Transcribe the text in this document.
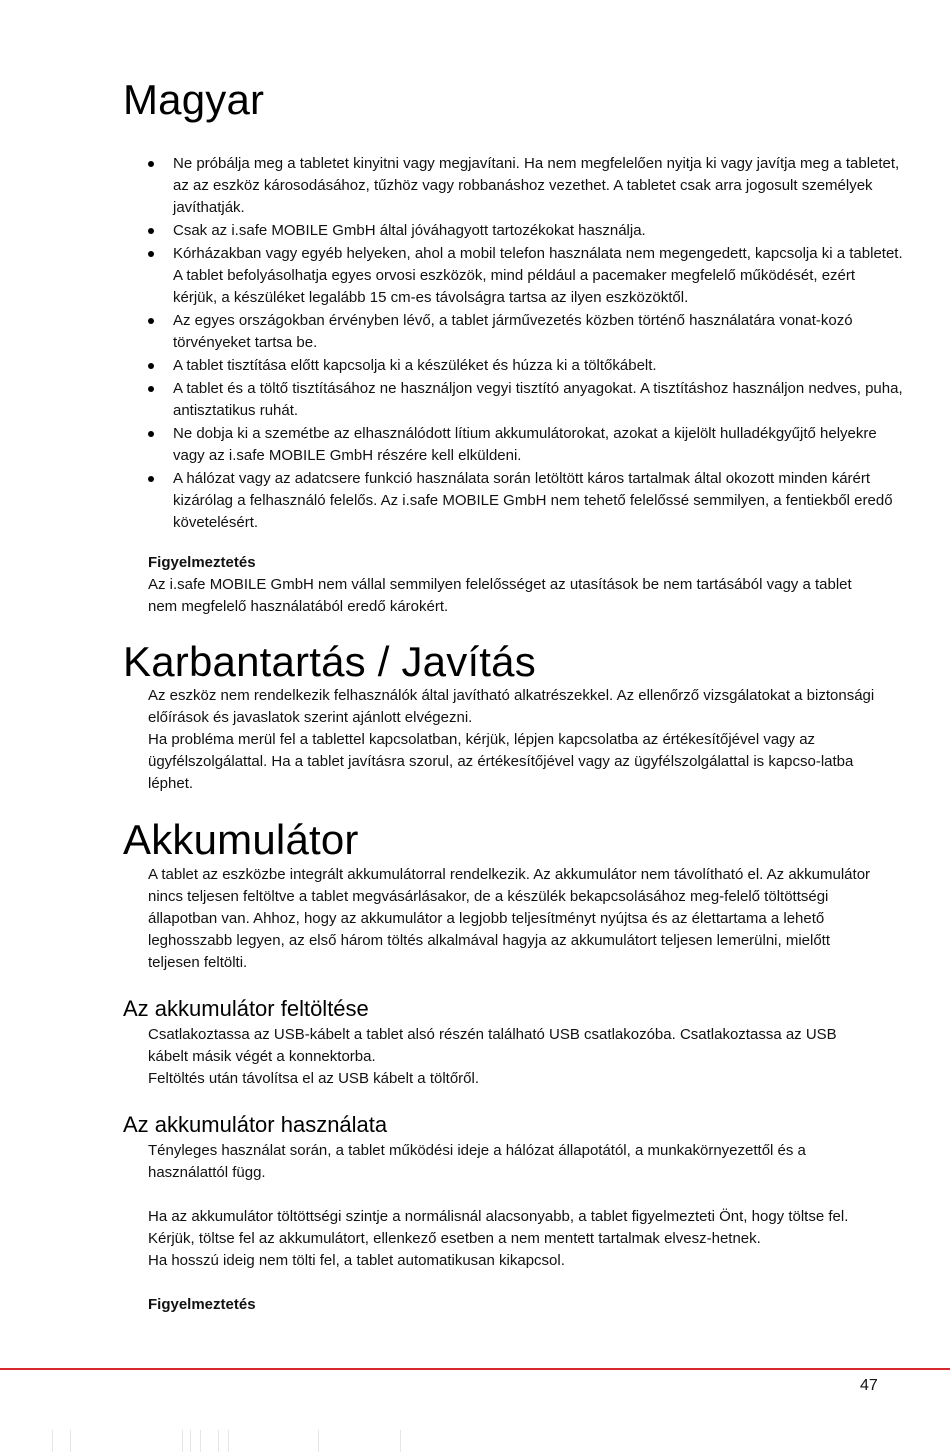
Magyar
Ne próbálja meg a tabletet kinyitni vagy megjavítani. Ha nem megfelelően nyitja ki vagy javítja meg a tabletet, az az eszköz károsodásához, tűzhöz vagy robbanáshoz vezethet. A tabletet csak arra jogosult személyek javíthatják.
Csak az i.safe MOBILE GmbH által jóváhagyott tartozékokat használja.
Kórházakban vagy egyéb helyeken, ahol a mobil telefon használata nem megengedett, kapcsolja ki a tabletet. A tablet befolyásolhatja egyes orvosi eszközök, mind például a pacemaker megfelelő működését, ezért kérjük, a készüléket legalább 15 cm-es távolságra tartsa az ilyen eszközöktől.
Az egyes országokban érvényben lévő, a tablet járművezetés közben történő használatára vonat-kozó törvényeket tartsa be.
A tablet tisztítása előtt kapcsolja ki a készüléket és húzza ki a töltőkábelt.
A tablet és a töltő tisztításához ne használjon vegyi tisztító anyagokat. A tisztításhoz használjon nedves, puha, antisztatikus ruhát.
Ne dobja ki a szemétbe az elhasználódott lítium akkumulátorokat, azokat a kijelölt hulladékgyűjtő helyekre vagy az i.safe MOBILE GmbH részére kell elküldeni.
A hálózat vagy az adatcsere funkció használata során letöltött káros tartalmak által okozott minden kárért kizárólag a felhasználó felelős. Az i.safe MOBILE GmbH nem tehető felelőssé semmilyen, a fentiekből eredő követelésért.

Figyelmeztetés

Az i.safe MOBILE GmbH nem vállal semmilyen felelősséget az utasítások be nem tartásából vagy a tablet nem megfelelő használatából eredő károkért.

Karbantartás / Javítás

Az eszköz nem rendelkezik felhasználók által javítható alkatrészekkel. Az ellenőrző vizsgálatokat a biztonsági előírások és javaslatok szerint ajánlott elvégezni.

Ha probléma merül fel a tablettel kapcsolatban, kérjük, lépjen kapcsolatba az értékesítőjével vagy az ügyfélszolgálattal. Ha a tablet javításra szorul, az értékesítőjével vagy az ügyfélszolgálattal is kapcso-latba léphet.

Akkumulátor

A tablet az eszközbe integrált akkumulátorral rendelkezik. Az akkumulátor nem távolítható el. Az akkumulátor nincs teljesen feltöltve a tablet megvásárlásakor, de a készülék bekapcsolásához meg-felelő töltöttségi állapotban van. Ahhoz, hogy az akkumulátor a legjobb teljesítményt nyújtsa és az élettartama a lehető leghosszabb legyen, az első három töltés alkalmával hagyja az akkumulátort teljesen lemerülni, mielőtt teljesen feltölti.

Az akkumulátor feltöltése

Csatlakoztassa az USB-kábelt a tablet alsó részén található USB csatlakozóba. Csatlakoztassa az USB kábelt másik végét a konnektorba.

Feltöltés után távolítsa el az USB kábelt a töltőről.

Az akkumulátor használata

Tényleges használat során, a tablet működési ideje a hálózat állapotától, a munkakörnyezettől és a használattól függ.

Ha az akkumulátor töltöttségi szintje a normálisnál alacsonyabb, a tablet figyelmezteti Önt, hogy töltse fel. Kérjük, töltse fel az akkumulátort, ellenkező esetben a nem mentett tartalmak elvesz-hetnek.

Ha hosszú ideig nem tölti fel, a tablet automatikusan kikapcsol.

Figyelmeztetés

47
